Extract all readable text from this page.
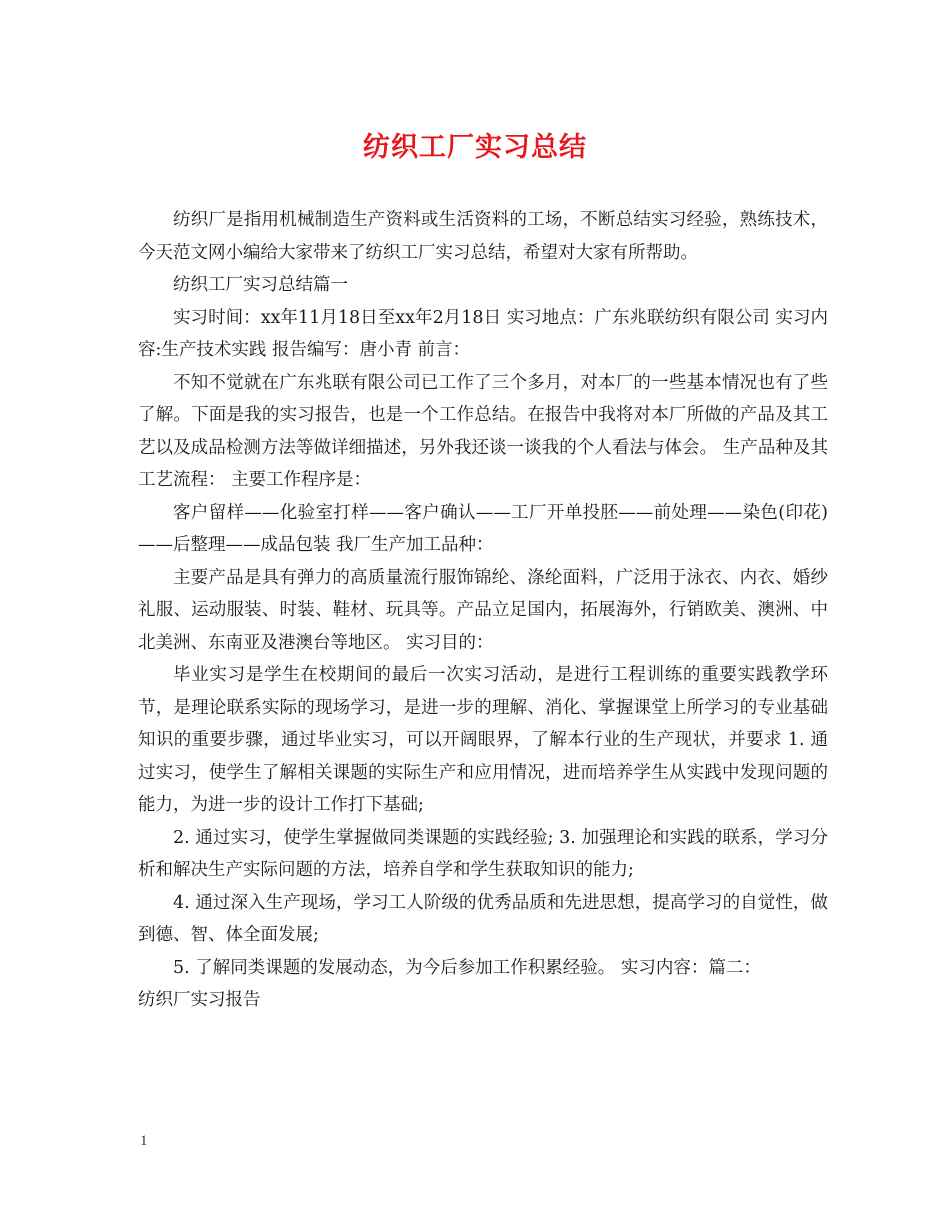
纺织工厂实习总结

纺织厂是指用机械制造生产资料或生活资料的工场，不断总结实习经验，熟练技术，今天范文网小编给大家带来了纺织工厂实习总结，希望对大家有所帮助。

纺织工厂实习总结篇一

实习时间：xx年11月18日至xx年2月18日 实习地点：广东兆联纺织有限公司 实习内容:生产技术实践 报告编写：唐小青 前言：

不知不觉就在广东兆联有限公司已工作了三个多月，对本厂的一些基本情况也有了些了解。下面是我的实习报告，也是一个工作总结。在报告中我将对本厂所做的产品及其工艺以及成品检测方法等做详细描述，另外我还谈一谈我的个人看法与体会。 生产品种及其工艺流程： 主要工作程序是：

客户留样——化验室打样——客户确认——工厂开单投胚——前处理——染色(印花)——后整理——成品包装 我厂生产加工品种：

主要产品是具有弹力的高质量流行服饰锦纶、涤纶面料，广泛用于泳衣、内衣、婚纱礼服、运动服装、时装、鞋材、玩具等。产品立足国内，拓展海外，行销欧美、澳洲、中北美洲、东南亚及港澳台等地区。 实习目的：

毕业实习是学生在校期间的最后一次实习活动，是进行工程训练的重要实践教学环节，是理论联系实际的现场学习，是进一步的理解、消化、掌握课堂上所学习的专业基础知识的重要步骤，通过毕业实习，可以开阔眼界，了解本行业的生产现状，并要求 1. 通过实习，使学生了解相关课题的实际生产和应用情况，进而培养学生从实践中发现问题的能力，为进一步的设计工作打下基础;

2. 通过实习，使学生掌握做同类课题的实践经验; 3. 加强理论和实践的联系，学习分析和解决生产实际问题的方法，培养自学和学生获取知识的能力;

4. 通过深入生产现场，学习工人阶级的优秀品质和先进思想，提高学习的自觉性，做到德、智、体全面发展;

5. 了解同类课题的发展动态，为今后参加工作积累经验。 实习内容：篇二：

纺织厂实习报告

1
